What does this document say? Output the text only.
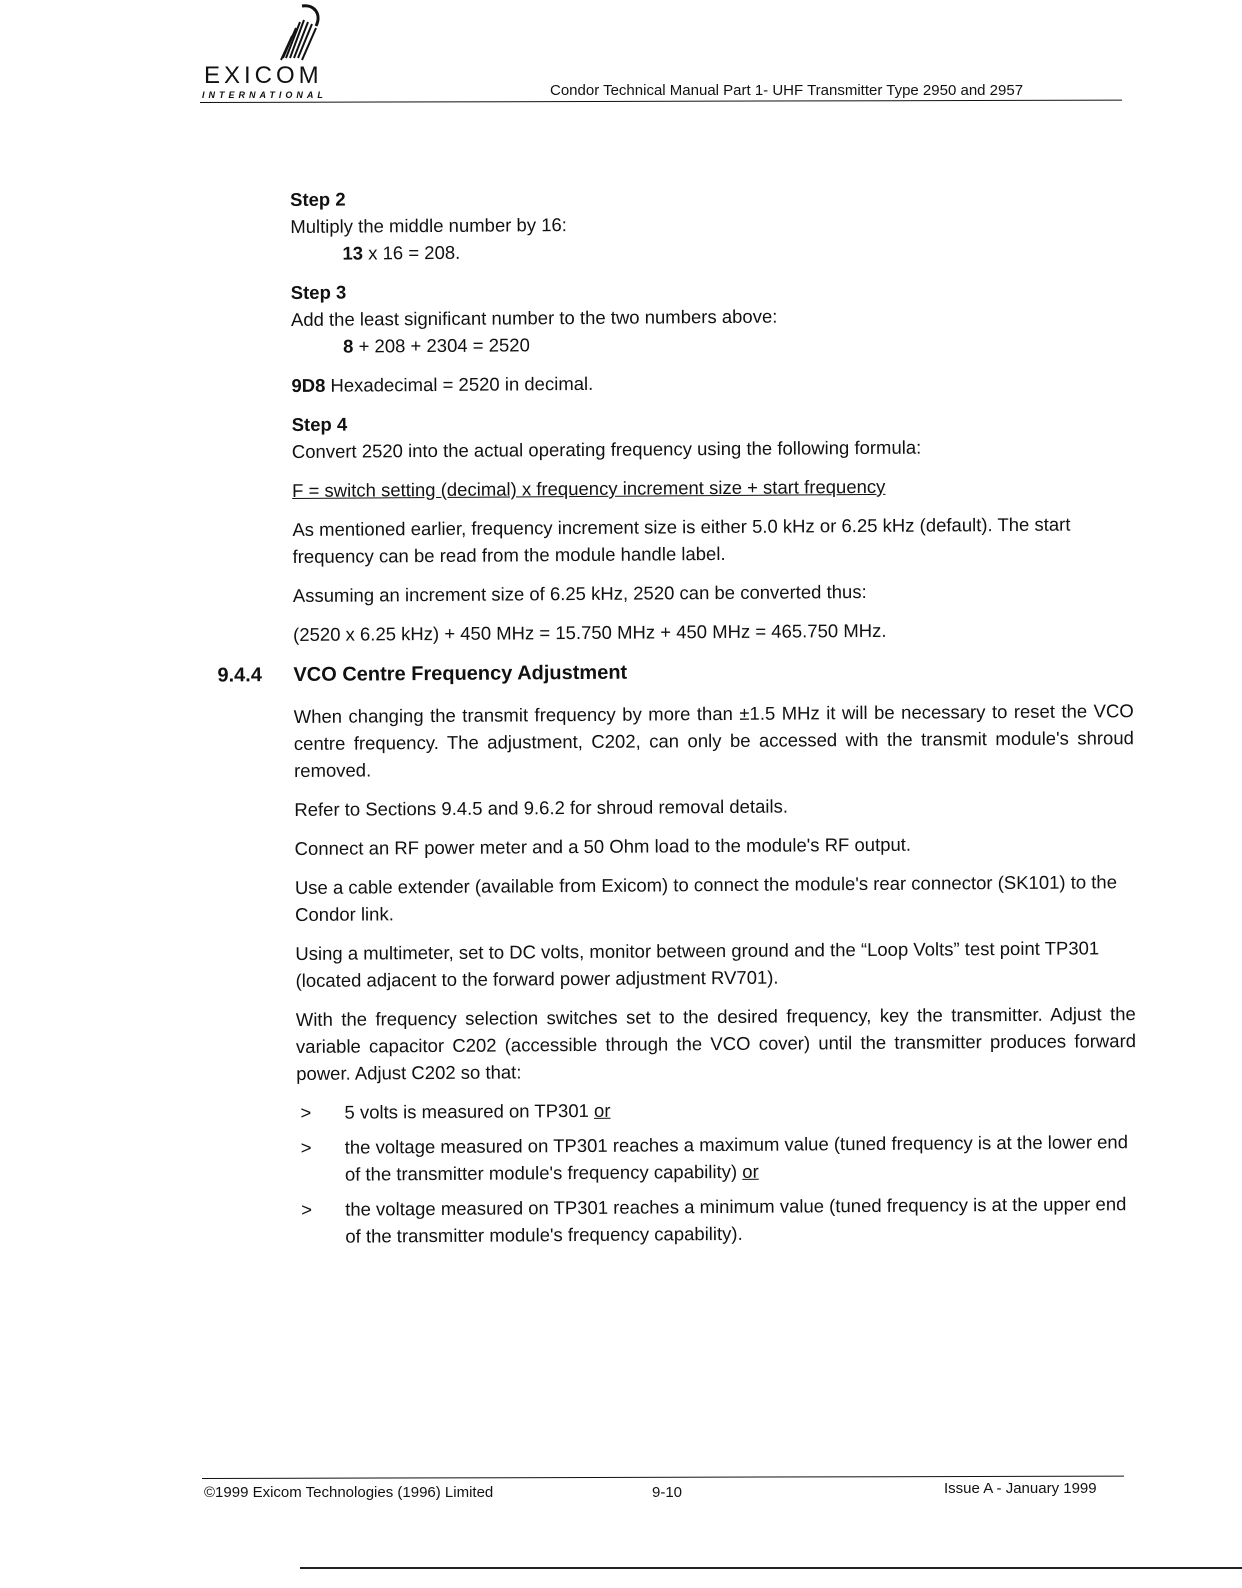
EXICOM
INTERNATIONAL	Condor Technical Manual Part 1- UHF Transmitter Type 2950 and 2957

Step 2

Multiply the middle number by 16:

13 x 16 = 208.

Step 3

Add the least significant number to the two numbers above:

8 + 208 + 2304 = 2520

9D8 Hexadecimal = 2520 in decimal.

Step 4

Convert 2520 into the actual operating frequency using the following formula:

F = switch setting (decimal) x frequency increment size + start frequency

As mentioned earlier, frequency increment size is either 5.0 kHz or 6.25 kHz (default). The start frequency can be read from the module handle label.

Assuming an increment size of 6.25 kHz, 2520 can be converted thus:

(2520 x 6.25 kHz) + 450 MHz = 15.750 MHz + 450 MHz = 465.750 MHz.

9.4.4 VCO Centre Frequency Adjustment

When changing the transmit frequency by more than ±1.5 MHz it will be necessary to reset the VCO centre frequency. The adjustment, C202, can only be accessed with the transmit module's shroud removed.

Refer to Sections 9.4.5 and 9.6.2 for shroud removal details.

Connect an RF power meter and a 50 Ohm load to the module's RF output.

Use a cable extender (available from Exicom) to connect the module's rear connector (SK101) to the Condor link.

Using a multimeter, set to DC volts, monitor between ground and the “Loop Volts” test point TP301 (located adjacent to the forward power adjustment RV701).

With the frequency selection switches set to the desired frequency, key the transmitter. Adjust the variable capacitor C202 (accessible through the VCO cover) until the transmitter produces forward power. Adjust C202 so that:

> 5 volts is measured on TP301 or
> the voltage measured on TP301 reaches a maximum value (tuned frequency is at the lower end of the transmitter module's frequency capability) or
> the voltage measured on TP301 reaches a minimum value (tuned frequency is at the upper end of the transmitter module's frequency capability).
©1999 Exicom Technologies (1996) Limited	9-10	Issue A - January 1999
